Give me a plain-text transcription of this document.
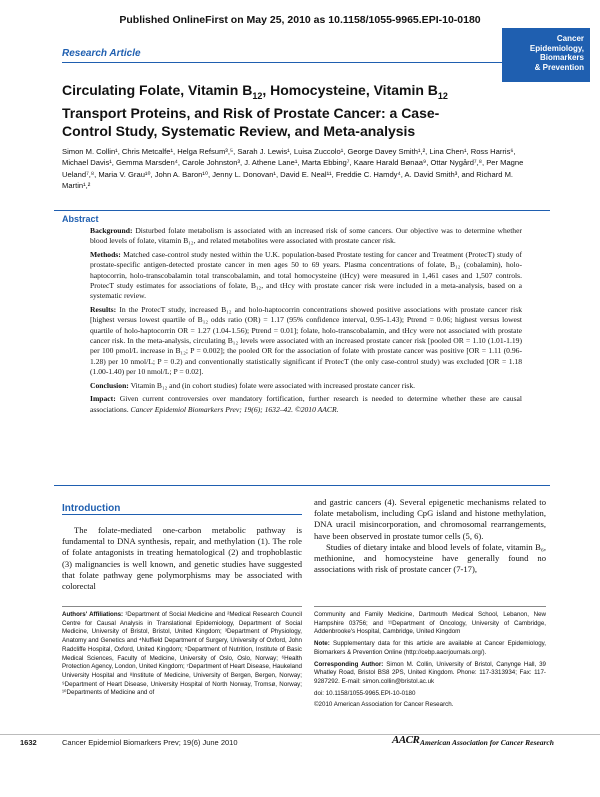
Published OnlineFirst on May 25, 2010 as 10.1158/1055-9965.EPI-10-0180
Cancer
Epidemiology,
Biomarkers
& Prevention
Research Article
Circulating Folate, Vitamin $B_{12}$, Homocysteine, Vitamin $B_{12}$ Transport Proteins, and Risk of Prostate Cancer: a Case-Control Study, Systematic Review, and Meta-analysis
Simon M. Collin¹, Chris Metcalfe¹, Helga Refsum³,⁵, Sarah J. Lewis¹, Luisa Zuccolo¹, George Davey Smith¹,², Lina Chen¹, Ross Harris⁶, Michael Davis¹, Gemma Marsden⁴, Carole Johnston³, J. Athene Lane¹, Marta Ebbing⁷, Kaare Harald Bønaa⁹, Ottar Nygård⁷,⁸, Per Magne Ueland⁷,⁸, Maria V. Grau¹⁰, John A. Baron¹⁰, Jenny L. Donovan¹, David E. Neal¹¹, Freddie C. Hamdy⁴, A. David Smith³, and Richard M. Martin¹,²
Abstract

Background: Disturbed folate metabolism is associated with an increased risk of some cancers. Our objective was to determine whether blood levels of folate, vitamin B₁₂, and related metabolites were associated with prostate cancer risk.

Methods: Matched case-control study nested within the U.K. population-based Prostate testing for cancer and Treatment (ProtecT) study of prostate-specific antigen-detected prostate cancer in men ages 50 to 69 years. Plasma concentrations of folate, B₁₂ (cobalamin), holo-haptocorrin, holo-transcobalamin total transcobalamin, and total homocysteine (tHcy) were measured in 1,461 cases and 1,507 controls. ProtecT study estimates for associations of folate, B₁₂, and tHcy with prostate cancer risk were included in a meta-analysis, based on a systematic review.

Results: In the ProtecT study, increased B₁₂ and holo-haptocorrin concentrations showed positive associations with prostate cancer risk [highest versus lowest quartile of B₁₂ odds ratio (OR) = 1.17 (95% confidence interval, 0.95-1.43); Ptrend = 0.06; highest versus lowest quartile of holo-haptocorrin OR = 1.27 (1.04-1.56); Ptrend = 0.01]; folate, holo-transcobalamin, and tHcy were not associated with prostate cancer risk. In the meta-analysis, circulating B₁₂ levels were associated with an increased prostate cancer risk [pooled OR = 1.10 (1.01-1.19) per 100 pmol/L increase in B₁₂; P = 0.002]; the pooled OR for the association of folate with prostate cancer was positive [OR = 1.11 (0.96-1.28) per 10 nmol/L; P = 0.2) and conventionally statistically significant if ProtecT (the only case-control study) was excluded [OR = 1.18 (1.00-1.40) per 10 nmol/L; P = 0.02].

Conclusion: Vitamin B₁₂ and (in cohort studies) folate were associated with increased prostate cancer risk.

Impact: Given current controversies over mandatory fortification, further research is needed to determine whether these are causal associations. Cancer Epidemiol Biomarkers Prev; 19(6); 1632–42. ©2010 AACR.

Introduction

The folate-mediated one-carbon metabolic pathway is fundamental to DNA synthesis, repair, and methylation (1). The role of folate antagonists in treating hematological (2) and trophoblastic (3) malignancies is well known, and genetic studies have suggested that folate pathway gene polymorphisms may be associated with colorectal

and gastric cancers (4). Several epigenetic mechanisms related to folate metabolism, including CpG island and histone methylation, DNA uracil misincorporation, and chromosomal rearrangements, have been observed in prostate tumor cells (5, 6).

Studies of dietary intake and blood levels of folate, vitamin B₆, methionine, and homocysteine have generally found no associations with risk of prostate cancer (7-17),

Authors' Affiliations: ¹Department of Social Medicine and ²Medical Research Council Centre for Causal Analysis in Translational Epidemiology, Department of Social Medicine, University of Bristol, Bristol, United Kingdom; ³Department of Physiology, Anatomy and Genetics and ⁴Nuffield Department of Surgery, University of Oxford, John Radcliffe Hospital, Oxford, United Kingdom; ⁵Department of Nutrition, Institute of Basic Medical Sciences, Faculty of Medicine, University of Oslo, Oslo, Norway; ⁶Health Protection Agency, London, United Kingdom; ⁷Department of Heart Disease, Haukeland University Hospital and ⁸Institute of Medicine, University of Bergen, Bergen, Norway; ⁹Department of Heart Disease, University Hospital of North Norway, Tromsø, Norway; ¹⁰Departments of Medicine and of

Community and Family Medicine, Dartmouth Medical School, Lebanon, New Hampshire 03756; and ¹¹Department of Oncology, University of Cambridge, Addenbrooke's Hospital, Cambridge, United Kingdom

Note: Supplementary data for this article are available at Cancer Epidemiology, Biomarkers & Prevention Online (http://cebp.aacrjournals.org/).

Corresponding Author: Simon M. Collin, University of Bristol, Canynge Hall, 39 Whatley Road, Bristol BS8 2PS, United Kingdom. Phone: 117-3313934; Fax: 117-9287292. E-mail: simon.collin@bristol.ac.uk

doi: 10.1158/1055-9965.EPI-10-0180

©2010 American Association for Cancer Research.

1632	Cancer Epidemiol Biomarkers Prev; 19(6) June 2010	AACR American Association for Cancer Research
